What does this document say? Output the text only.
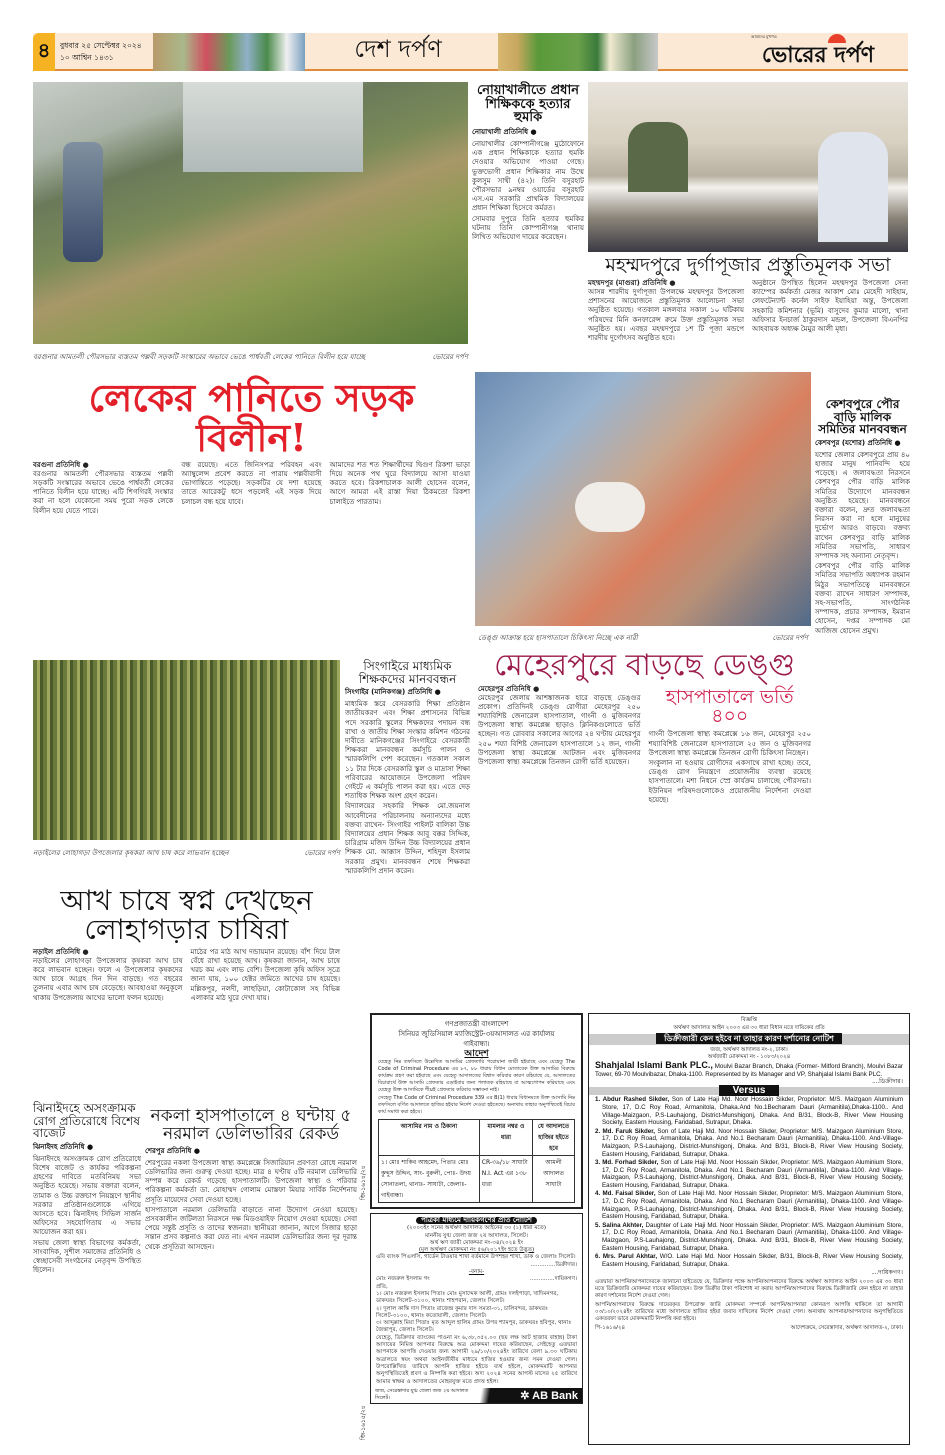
৪ বুধবার ২৫ সেপ্টেম্বর ২০২৪
১০ আশ্বিন ১৪৩১	দেশ দর্পণ	আমাদের মুখপত্র
ভোরের দর্পণ
বরগুনার আমতলী পৌরসভার ব্যস্ততম পল্লবী সড়কটি সংস্কারের অভাবে ভেঙে পার্শ্ববর্তী লেকের পানিতে বিলীন হয়ে যাচ্ছে	ভোরের দর্পণ
নোয়াখালীতে প্রধান শিক্ষিককে হত্যার হুমকি
নোয়াখালী প্রতিনিধি ●

নোয়াখালীর কোম্পানীগঞ্জে মুঠোফোনে এক প্রধান শিক্ষিকাকে হত্যার হুমকি দেওয়ার অভিযোগ পাওয়া গেছে। ভুক্তভোগী প্রধান শিক্ষিকার নাম উম্মে কুলসুম সাথী (৪২)। তিনি বসুরহাট পৌরসভার ৯নম্বর ওয়ার্ডের বসুরহাট এস.এম সরকারি প্রাথমিক বিদ্যালয়ের প্রধান শিক্ষিকা হিসেবে কর্মরত।

সোমবার দুপুরে তিনি হত্যার হুমকির ঘটনায় তিনি কোম্পানীগঞ্জ থানায় লিখিত অভিযোগ দায়ের করেছেন।

মহম্মদপুরে দুর্গাপূজার প্রস্তুতিমূলক সভা
মহম্মদপুর (মাগুরা) প্রতিনিধি ●

আসন্ন শারদীয় দুর্গাপূজা উপলক্ষে মহম্মদপুর উপজেলা প্রশাসনের আয়োজনে প্রস্তুতিমূলক আলোচনা সভা অনুষ্ঠিত হয়েছে। গতকাল মঙ্গলবার সকাল ১০ ঘটিকায় পরিষদের মিনি কনফারেন্স রুমে উক্ত প্রস্তুতিমূলক সভা অনুষ্ঠিত হয়। এবছর মহম্মদপুরে ১শ টি পূজা মন্ডপে শারদীয় দুর্গোৎসব অনুষ্ঠিত হবে।

অনুষ্ঠানে উপস্থিত ছিলেন মহম্মদপুর উপজেলা সেনা ক্যাম্পের কর্মকর্তা মেজর আকাশ মোঃ মেহেদী সাইহাম, লেফটেন্যান্ট কর্নেল সাইফ ইয়াহিয়া অন্তু, উপজেলা সহকারি কমিশনার (ভূমি) বাসুদেব কুমার মালো, থানা অফিসার ইনচার্জ ঠাকুরদাস মন্ডল, উপজেলা বিএনপির আহবায়ক অধ্যক্ষ মৈমুর আলী মৃধা।

লেকের পানিতে সড়ক বিলীন!
বরগুনা প্রতিনিধি ●

বরগুনার আমতলী পৌরসভার ব্যস্ততম পল্লবী সড়কটি সংস্কারের অভাবে ভেঙে পার্শ্ববর্তী লেকের পানিতে বিলীন হয়ে যাচ্ছে। এটি শিগগিরই সংস্কার করা না হলে যেকোনো সময় পুরো সড়ক লেকে বিলীন হয়ে যেতে পারে।

বন্ধ রয়েছে। এতে জিনিসপত্র পরিবহন এবং অ্যাম্বুলেন্স প্রবেশ করতে না পারায় পল্লবীবাসী ভোগান্তিতে পড়েছে। সড়কটির যে দশা হয়েছে তাতে আরেকটু ধসে পড়লেই এই সড়ক দিয়ে চলাচল বন্ধ হয়ে যাবে।

আমাদের শত শত শিক্ষার্থীদের দ্বিগুণ রিকশা ভাড়া দিয়ে অনেক পথ ঘুরে বিদ্যালয়ে আসা যাওয়া করতে হবে। রিকশাচালক আলী হোসেন বলেন, আগে আমরা এই রাস্তা দিয়া ঠিকমতো রিকশা চালাইতে পারতাম।

ডেঙ্গু আক্রান্ত হয়ে হাসপাতালে চিকিৎসা নিচ্ছে এক নারী	ভোরের দর্পণ
কেশবপুরে পৌর বাড়ি মালিক সমিতির মানববন্ধন
কেশবপুর (যশোর) প্রতিনিধি ●

যশোর জেলার কেশবপুরে প্রায় ৪০ হাজার মানুষ পানিবন্দি হয়ে পড়েছে। এ জলাবদ্ধতা নিরসনে কেশবপুর পৌর বাড়ি মালিক সমিতির উদ্যোগে মানববন্ধন অনুষ্ঠিত হয়েছে। মানববন্ধনে বক্তারা বলেন, দ্রুত জলাবদ্ধতা নিরসন করা না হলে মানুষের দুর্ভোগ আরও বাড়বে। বক্তব্য রাখেন কেশবপুর বাড়ি মালিক সমিতির সভাপতি, সাধারণ সম্পাদক সহ অন্যান্য নেতৃবৃন্দ।

কেশবপুর পৌর বাড়ি মালিক সমিতির সভাপতি অধ্যাপক রহমান মিঠুর সভাপতিত্বে মানববন্ধনে বক্তব্য রাখেন সাধারণ সম্পাদক, সহ-সভাপতি, সাংগঠনিক সম্পাদক, প্রচার সম্পাদক, ইমরান হোসেন, দপ্তর সম্পাদক মো আজিজ হোসেন প্রমুখ।

নড়াইলের লোহাগড়া উপজেলার কৃষকরা আখ চাষ করে লাভবান হচ্ছেন	ভোরের দর্পণ
সিংগাইরে মাধ্যমিক শিক্ষকদের মানববন্ধন
সিংগাইর (মানিকগঞ্জ) প্রতিনিধি ●

মাধ্যমিক স্তরে বেসরকারি শিক্ষা প্রতিষ্ঠান জাতীয়করণ এবং শিক্ষা প্রশাসনের বিভিন্ন পদে সরকারি স্কুলের শিক্ষকদের পদায়ন বন্ধ রাখা ও জাতীয় শিক্ষা সংস্কার কমিশন গঠনের দাবীতে মানিকগঞ্জের সিংগাইরে বেসরকারী শিক্ষকরা মানববন্ধন কর্মসূচি পালন ও স্মারকলিপি পেশ করেছেন। গতকাল সকাল ১১ টার দিকে বেসরকারি স্কুল ও মাদ্রাসা শিক্ষা পরিবারের আয়োজনে উপজেলা পরিষদ গেইটে এ কর্মসূচি পালন করা হয়। এতে দেড় শতাধিক শিক্ষক অংশ গ্রহণ করেন।

বিদ্যালয়ের সহকারি শিক্ষক মো.জয়নাল আবেদীনের পরিচালনায় অন্যান্যদের মধ্যে বক্তব্য রাখেন- সিংগাইর পাইলট বালিকা উচ্চ বিদ্যালয়ের প্রধান শিক্ষক আবু বক্কর সিদ্দিক, চারিগ্রাম মজিদ উদ্দিন উচ্চ বিদ্যালয়ের প্রধান শিক্ষক মো. আক্কাস উদ্দিন, শহিদুল ইসলাম সরকার প্রমুখ। মানববন্ধন শেষে শিক্ষকরা স্মারকলিপি প্রদান করেন।

মেহেরপুরে বাড়ছে ডেঙ্গু
মেহেরপুর প্রতিনিধি ●

মেহেরপুর জেলায় আশঙ্কাজনক হারে বাড়ছে ডেঙ্গুর প্রকোপ। প্রতিদিনই ডেঙ্গু রোগীরা মেহেরপুর ২৫০ শয্যাবিশিষ্ট জেনারেল হাসপাতাল, গাংনী ও মুজিবনগর উপজেলা স্বাস্থ্য কমপ্লেক্স ছাড়াও ক্লিনিকগুলোতে ভর্তি হচ্ছেন। গত রোববার সকালের আগের ২৪ ঘণ্টায় মেহেরপুর ২৫০ শয্যা বিশিষ্ট জেনারেল হাসপাতালে ১২ জন, গাংনী উপজেলা স্বাস্থ্য কমপ্লেক্সে আটজন এবং মুজিবনগর উপজেলা স্বাস্থ্য কমপ্লেক্সে তিনজন রোগী ভর্তি হয়েছেন।

হাসপাতালে ভর্তি ৪০০

গাংনী উপজেলা স্বাস্থ্য কমপ্লেক্সে ১৬ জন, মেহেরপুর ২৫০ শয্যাবিশিষ্ট জেনারেল হাসপাতালে ২৫ জন ও মুজিবনগর উপজেলা স্বাস্থ্য কমপ্লেক্সে তিনজন রোগী চিকিৎসা নিচ্ছেন।

সংকুলান না হওয়ায় রোগীদের একসাথে রাখা হচ্ছে। তবে, ডেঙ্গু রোগ নিয়ন্ত্রণে প্রয়োজনীয় ব্যবস্থা রয়েছে হাসপাতালে। মশা নিধনে স্প্রে কার্যক্রম চালাচ্ছে পৌরসভা। ইউনিয়ন পরিষদগুলোকেও প্রয়োজনীয় নির্দেশনা দেওয়া হয়েছে।

আখ চাষে স্বপ্ন দেখছেন লোহাগড়ার চাষিরা
নড়াইল প্রতিনিধি ●

নড়াইলের লোহাগড়া উপজেলার কৃষকরা আখ চাষ করে লাভবান হচ্ছেন। ফলে এ উপজেলার কৃষকদের আখ চাষে আগ্রহ দিন দিন বাড়ছে। গত বছরের তুলনায় এবার আখ চাষ বেড়েছে। আবহাওয়া অনুকূলে থাকায় উপজেলায় আখের ভালো ফলন হয়েছে।

মাঠের পর মাঠ আখ দন্ডায়মান রয়েছে। বাঁশ দিয়ে টাল বেঁধে রাখা হয়েছে আখ। কৃষকরা জানান, আখ চাষে খরচ কম এবং লাভ বেশি। উপজেলা কৃষি অফিস সূত্রে জানা যায়, ১০০ হেক্টর জমিতে আখের চাষ হয়েছে। মল্লিকপুর, নলদী, লাহুড়িয়া, কোটাকোল সহ বিভিন্ন এলাকার মাঠ ঘুরে দেখা যায়।

ঝিনাইদহে অসংক্রামক রোগ প্রতিরোধে বিশেষ বাজেট
ঝিনাইদহ প্রতিনিধি ●

ঝিনাইদহে অসংক্রামক রোগ প্রতিরোধে বিশেষ বাজেট ও কার্যকর পরিকল্পনা গ্রহণের দাবিতে মতবিনিময় সভা অনুষ্ঠিত হয়েছে। সভায় বক্তারা বলেন, তামাক ও উচ্চ রক্তচাপ নিয়ন্ত্রণে স্থানীয় সরকার প্রতিষ্ঠানগুলোকে এগিয়ে আসতে হবে। ঝিনাইদহ সিভিল সার্জন অফিসের সহযোগিতায় এ সভার আয়োজন করা হয়।

সভায় জেলা স্বাস্থ্য বিভাগের কর্মকর্তা, সাংবাদিক, সুশীল সমাজের প্রতিনিধি ও স্বেচ্ছাসেবী সংগঠনের নেতৃবৃন্দ উপস্থিত ছিলেন।

নকলা হাসপাতালে ৪ ঘন্টায় ৫ নরমাল ডেলিভারির রেকর্ড
শেরপুর প্রতিনিধি ●

শেরপুরের নকলা উপজেলা স্বাস্থ্য কমপ্লেক্সে সিজারিয়ান প্রবণতা রোধে নরমাল ডেলিভারির জন্য গুরুত্ব দেওয়া হচ্ছে। মাত্র ৪ ঘণ্টায় ৫টি নরমাল ডেলিভারি সম্পন্ন করে রেকর্ড গড়েছে হাসপাতালটি। উপজেলা স্বাস্থ্য ও পরিবার পরিকল্পনা কর্মকর্তা ডা. মোহাম্মদ গোলাম মোস্তফা মিয়ার সার্বিক নির্দেশনায় প্রসূতি মায়েদের সেবা দেওয়া হচ্ছে।

হাসপাতালে নরমাল ডেলিভারি বাড়াতে নানা উদ্যোগ নেওয়া হয়েছে। প্রসবকালীন জটিলতা নিরসনে দক্ষ মিডওয়াইফ নিয়োগ দেওয়া হয়েছে। সেবা পেয়ে সন্তুষ্ট প্রসূতি ও তাদের স্বজনরা। স্থানীয়রা জানান, আগে সিজার ছাড়া সন্তান প্রসব কল্পনাও করা যেত না। এখন নরমাল ডেলিভারির জন্য দূর দূরান্ত থেকে প্রসূতিরা আসছেন।

জি-১৬১৪/২৪
জি-১৬১৫/২৪
গণপ্রজাতন্ত্রী বাংলাদেশ
সিনিয়র জুডিসিয়াল ম্যাজিস্ট্রেট-৩য়আদালত এর কার্যালয়
গাইবান্ধা।
আদেশ

যেহেতু নিম্ন তফসিলে উল্লেখিত আসামির গ্রেফতারি পরোয়ানা জারী হইয়াছে এবং যেহেতু The Code of Criminal Procedure এর ৮৭, ৮৮ ধারায় বিধান মোতাবেক উক্ত আসামির বিরুদ্ধে কার্যক্রম গ্রহণ করা হইয়াছে এবং যেহেতু আদালতের বিশ্বাস করিবার কারণ রহিয়াছে যে, আদালতের বিচারার্থে উক্ত আসামি গ্রেফতার এড়াইবার জন্য পলাতক রহিয়াছে বা আত্মগোপন করিয়াছে এবং যেহেতু উক্ত আসামিকে শীঘ্রই গ্রেফতার করিবার সম্ভাবনা নাই।

সেহেতু The Code of Criminal Procedure 339 এর B(1) ধারার বিধানমতে উক্ত আসামি নিম্ন তফসিলে বর্ণিত আদালতে হাজির হইবার নির্দেশ দেওয়া হইতেছে। অন্যথায় তাহার অনুপস্থিতেই বিচার কার্য সমাধা করা হইবে।

আসামির নাম ও ঠিকানা	মামলার নম্বর ও ধারা	যে আদালতে হাজির হইতে হবে
১। মোঃ শাকিব আহমেদ, পিতাঃ মোঃ কুদ্দুস উদ্দিন, সাং- বুরুলী, পোঃ- উদয় সোনাতলা, থানাঃ- সাঘাটা, জেলাঃ-গাইবান্ধা।	CR-৩৯/১৮ সাঘাটা N.I. Act এর ১৩৮ ধারা	আমলী আদালত সাঘাটা
পত্রিকা মাধ্যমে দায়িকগণের প্রতি নোটিশ
(২০০৩ইং সনের অর্থঋণ আদালত আইনের ৩০ (১) ধারা মতে)
মাননীয় যুগ্ম জেলা জজ ২য় আদালত, সিলেট।
অর্থ ঋণ জারী মোকদ্দমা নং-৩৪/২০২৪ ইং
(মূল অর্থঋণ মোকদ্দমা নং ৫৬/২০১৭ইং হতে উদ্ভূত)
এবি ব্যাংক পিএলসি, গার্ডেন টাওয়ার শাখা বর্তমানে উপশহর শাখা, ডাক ও জেলাঃ সিলেট।
..............ডিক্রীদার।
-বনাম-
মোঃ নজরুল ইসলাম গং	..............দায়িকগণ।
প্রতি,
১। মোঃ নজরুল ইসলাম পিতাঃ মোঃ মুসাদ্দেক আলী, গ্রামঃ দলইপাড়া, খাদিমনগর, ডাকঘরঃ সিলেট-৩১০০, থানাঃ শাহপরান, জেলাঃ সিলেট।
২। দুলাল কান্তি দাস পিতাঃ রাজেন্দ্র কুমার দাস সমতা-৩১, চালিবন্দর, ডাকঘরঃ সিলেট-৩১০০, থানাঃ কতোয়ালী, জেলাঃ সিলেট।
৩। আব্দুল্লাহ মিয়া পিতাঃ মৃত আব্দুল হালিম গ্রামঃ উপর শ্যামপুর, ডাকঘরঃ হবিপুর, থানাঃ জৈন্তাপুর, জেলাঃ সিলেট।
যেহেতু, ডিক্রিদার ব্যাংকের পাওনা মং ৬,৩৮,৩৫২.০০ (ছয় লক্ষ আট হাজার বাহান্ন) টাকা আদায়ের নিমিত্ত আপনার বিরুদ্ধে অত্র মোকদ্দমা দায়ের করিয়াছেন, সেইহেতু এতদ্বারা আপনাকে আপত্তি দেওয়ার জন্য আগামী ২৯/১০/২০২৪ইং তারিখে বেলা ৯.৩০ ঘটিকায় অত্রালতে স্বয়ং অথবা আইনজীবীর মাধ্যমে হাজির হওয়ার জন্য সমন দেওয়া গেল। উপরোল্লিখিত তারিখে আপনি হাজির হইতে ব্যর্থ হইলে, মোকদ্দমাটি আপনার অনুপস্থিতিতেই শ্রবণ ও নিষ্পত্তি করা হইবে। অদ্য ২০২৪ সনের আগস্ট মাসের ২৫ তারিখে আমার স্বাক্ষর ও আদালতের মোহরযুক্ত মতে প্রদত্ত হইল।
জজ, সেরেস্তাদার যুগ্ম জেলা জজ ২য় আদালত সিলেট।	✲ AB Bank
বিজ্ঞপ্তি
অর্থঋণ আদালত আইন ২০০৩ এর ৩০ ধারা বিধান মতে দায়িকের প্রতি
ডিক্রীজারী কেন হইবে না তাহার কারণ দর্শানোর নোটিশ
জজ, অর্থঋণ আদালত নং-২, ঢাকা।
অর্থজারী মোকদ্দমা নং - ১০৮৩/২০২৪
Shahjalal Islami Bank PLC., Moulvi Bazar Branch, Dhaka (Former- Mitford Branch), Moulvi Bazar Tower, 69-70 Moulvibazar, Dhaka-1100. Represented by its Manager and VP, Shahjalal Islami Bank PLC.
....ডিক্রীদার।
Versus
1. Abdur Rashed Sikder, Son of Late Haji Md. Noor Hossain Sikder, Proprietor: M/S. Maizgaon Aluminium Store, 17, D.C Roy Road, Armanitola, Dhaka.And No.1Becharam Dauri (Armanitila),Dhaka-1100.. And Village-Maizgaon, P.S-Lauhajong, District-Munshigonj, Dhaka. And B/31, Block-B, River View Housing Society, Eastern Housing, Faridabad, Sutrapur, Dhaka.
2. Md. Faruk Sikder, Son of Late Haji Md. Noor Hossain Sikder, Proprietor: M/S. Maizgaon Aluminium Store, 17, D.C Roy Road, Armanitola, Dhaka. And No.1 Becharam Dauri (Armanitila), Dhaka-1100. And-Village-Maizgaon, P.S-Lauhajong, District-Munshigonj, Dhaka. And B/31, Block-B, River View Housing Society, Eastern Housing, Faridabad, Sutrapur, Dhaka.
3. Md. Forhad Sikder, Son of Late Haji Md. Noor Hossain Sikder, Proprietor: M/S. Maizgaon Aluminium Store, 17, D.C Roy Road, Armanitola, Dhaka. And No.1 Becharam Dauri (Armanitila), Dhaka-1100. And Village-Maizgaon, P.S-Lauhajong, District-Munshigonj, Dhaka. And B/31, Block-B, River View Housing Society, Eastern Housing, Faridabad, Sutrapur, Dhaka.
4. Md. Faisal Sikder, Son of Late Haji Md. Noor Hossain Sikder, Proprietor: M/S. Maizgaon Aluminium Store, 17, D.C Roy Road, Armanitola, Dhaka. And No.1 Becharam Dauri (Armanitila), Dhaka-1100. And Village-Maizgaon, P.S-Lauhajong, District-Munshigonj, Dhaka. And B/31, Block-B, River View Housing Society, Eastern Housing, Faridabad, Sutrapur, Dhaka.
5. Salina Akhter, Daughter of Late Haji Md. Noor Hossain Sikder, Proprietor: M/S. Maizgaon Aluminium Store, 17, D.C Roy Road, Armanitola, Dhaka. And No.1 Becharam Dauri (Armanitila), Dhaka-1100. And Village-Maizgaon, P.S-Lauhajong, District-Munshigonj, Dhaka. And B/31, Block-B, River View Housing Society, Eastern Housing, Faridabad, Sutrapur, Dhaka.
6. Mrs. Parul Akhtar, W/O. Late Haji Md. Noor Hossain Sikder, B/31, Block-B, River View Housing Society, Eastern Housing, Faridabad, Sutrapur, Dhaka.
....দায়িকগণ।
এতদ্বারা আপনি/আপনাদেরকে জানানো যাইতেছে যে, ডিক্রিদার পক্ষে আপনি/আপনাদের বিরুদ্ধে অর্থঋণ আদালত আইন ২০০৩ এর ৩০ ধারা মতে ডিক্রিজারি মোকদ্দমা দায়ের করিয়াছেন। উক্ত ডিক্রীর টাকা পরিশোধ না করায় আপনি/আপনাদের বিরুদ্ধে ডিক্রীজারি কেন হইবে না তাহার কারণ দর্শানোর নির্দেশ দেওয়া গেল।
আপনি/আপনাদের বিরুদ্ধে দায়েরকৃত উপরোক্ত জারি মোকদ্দমা সম্পর্কে আপনি/আপনারা কোনরূপ আপত্তি থাকিলে তা আগামী ০৩/১০/২০২৪ইং তারিখের মধ্যে আদালতে হাজির হইয়া জবাব দাখিলের নির্দেশ দেওয়া গেল। অন্যথায় আপনার/আপনাদের অনুপস্থিতিতে একতরফা ভাবে মোকদ্দমাটি নিষ্পত্তি করা হইবে।
পি-১৬১৬/২৪	আদেশক্রমে, সেরেস্তাদার, অর্থঋণ আদালত-২, ঢাকা।
